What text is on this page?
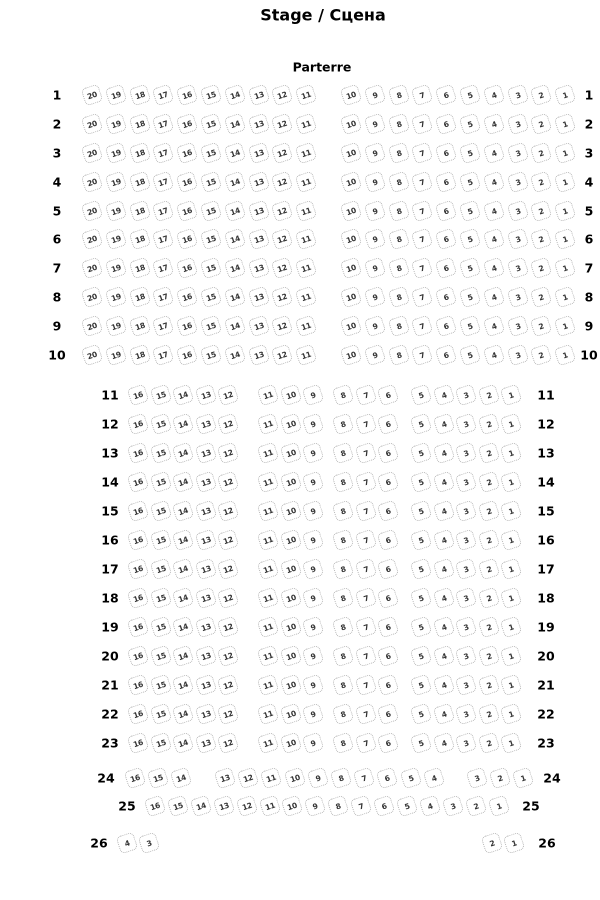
Stage / Сцена
Parterre
1	1
20	19	18	17	16	15	14	13	12	11	10	9	8	7	6	5	4	3	2	1
2	2
20	19	18	17	16	15	14	13	12	11	10	9	8	7	6	5	4	3	2	1
3	3
20	19	18	17	16	15	14	13	12	11	10	9	8	7	6	5	4	3	2	1
4	4
20	19	18	17	16	15	14	13	12	11	10	9	8	7	6	5	4	3	2	1
5	5
20	19	18	17	16	15	14	13	12	11	10	9	8	7	6	5	4	3	2	1
6	6
20	19	18	17	16	15	14	13	12	11	10	9	8	7	6	5	4	3	2	1
7	7
20	19	18	17	16	15	14	13	12	11	10	9	8	7	6	5	4	3	2	1
8	8
20	19	18	17	16	15	14	13	12	11	10	9	8	7	6	5	4	3	2	1
9	9
20	19	18	17	16	15	14	13	12	11	10	9	8	7	6	5	4	3	2	1
10	10
20	19	18	17	16	15	14	13	12	11	10	9	8	7	6	5	4	3	2	1
11	11
16	15	14	13	12	11	10	9	8	7	6	5	4	3	2	1
12	12
16	15	14	13	12	11	10	9	8	7	6	5	4	3	2	1
13	13
16	15	14	13	12	11	10	9	8	7	6	5	4	3	2	1
14	14
16	15	14	13	12	11	10	9	8	7	6	5	4	3	2	1
15	15
16	15	14	13	12	11	10	9	8	7	6	5	4	3	2	1
16	16
16	15	14	13	12	11	10	9	8	7	6	5	4	3	2	1
17	17
16	15	14	13	12	11	10	9	8	7	6	5	4	3	2	1
18	18
16	15	14	13	12	11	10	9	8	7	6	5	4	3	2	1
19	19
16	15	14	13	12	11	10	9	8	7	6	5	4	3	2	1
20	20
16	15	14	13	12	11	10	9	8	7	6	5	4	3	2	1
21	21
16	15	14	13	12	11	10	9	8	7	6	5	4	3	2	1
22	22
16	15	14	13	12	11	10	9	8	7	6	5	4	3	2	1
23	23
16	15	14	13	12	11	10	9	8	7	6	5	4	3	2	1
24	24
16	15	14	13	12	11	10	9	8	7	6	5	4	3	2	1
25	25
16	15	14	13	12	11	10	9	8	7	6	5	4	3	2	1
26	26
4	3	2	1
